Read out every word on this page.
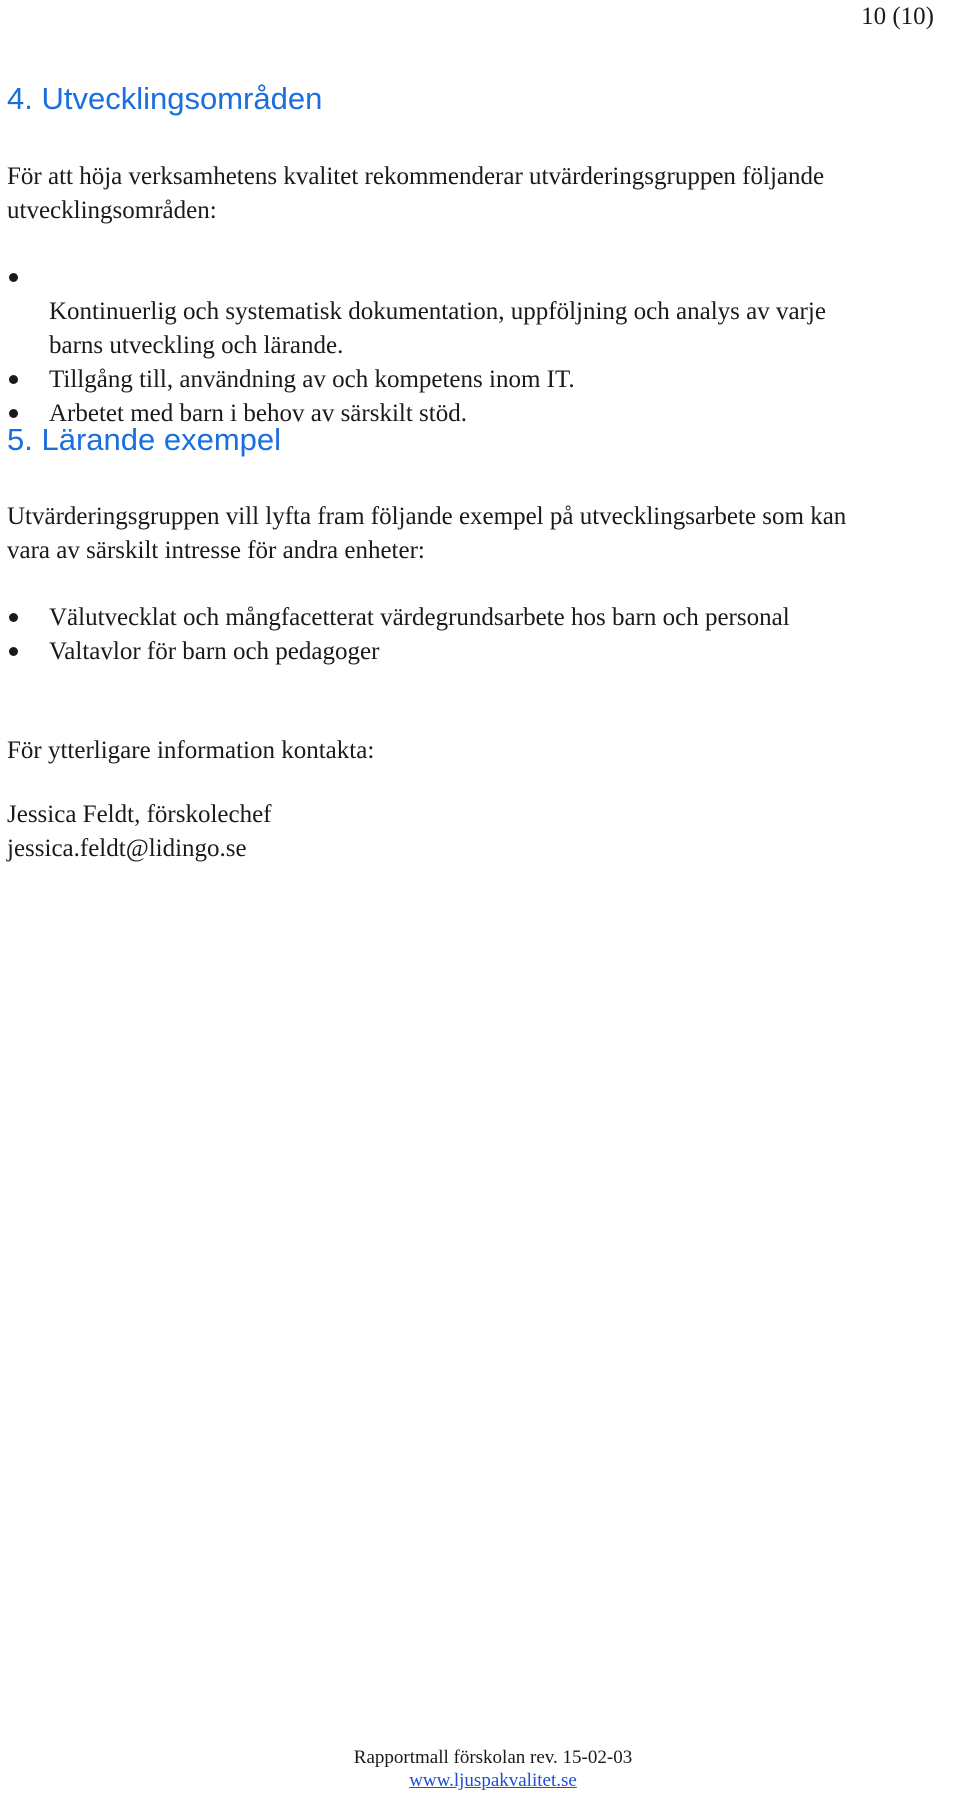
10 (10)
4. Utvecklingsområden

För att höja verksamhetens kvalitet rekommenderar utvärderingsgruppen följande
utvecklingsområden:

Kontinuerlig och systematisk dokumentation, uppföljning och analys av varje
barns utveckling och lärande.

Tillgång till, användning av och kompetens inom IT.
Arbetet med barn i behov av särskilt stöd.
5. Lärande exempel

Utvärderingsgruppen vill lyfta fram följande exempel på utvecklingsarbete som kan
vara av särskilt intresse för andra enheter:

Välutvecklat och mångfacetterat värdegrundsarbete hos barn och personal
Valtavlor för barn och pedagoger

För ytterligare information kontakta:

Jessica Feldt, förskolechef

jessica.feldt@lidingo.se

Rapportmall förskolan rev. 15-02-03
www.ljuspakvalitet.se
